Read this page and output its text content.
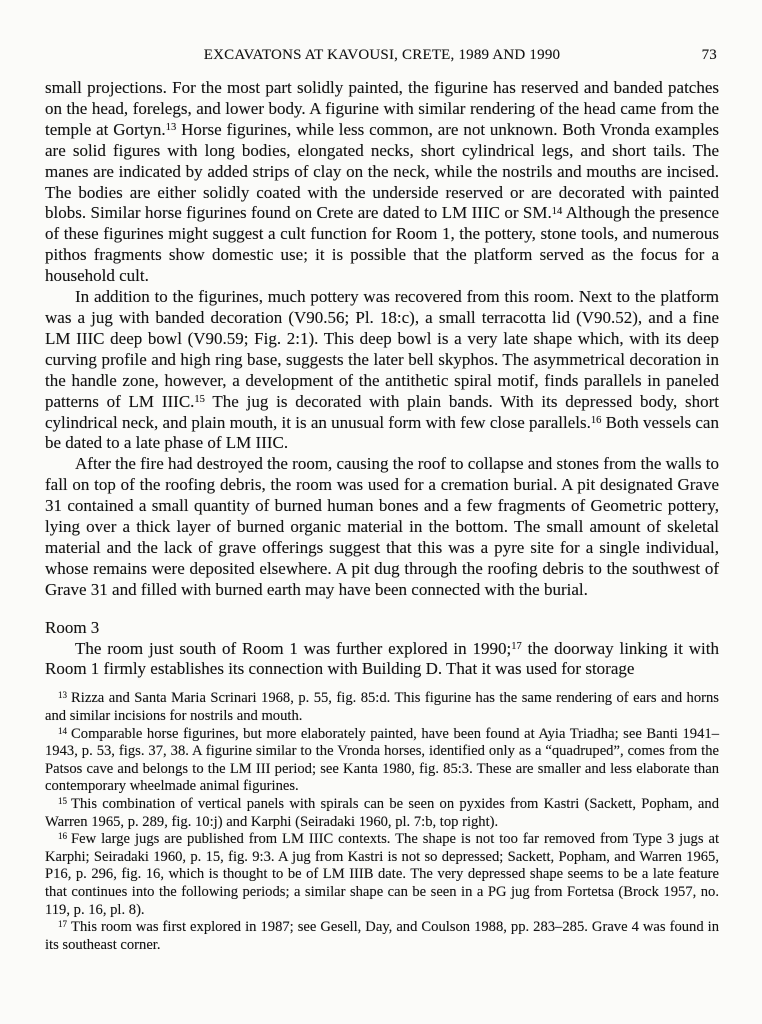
EXCAVATONS AT KAVOUSI, CRETE, 1989 AND 1990	73

small projections. For the most part solidly painted, the figurine has reserved and banded patches on the head, forelegs, and lower body. A figurine with similar rendering of the head came from the temple at Gortyn.$^{13}$ Horse figurines, while less common, are not unknown. Both Vronda examples are solid figures with long bodies, elongated necks, short cylindrical legs, and short tails. The manes are indicated by added strips of clay on the neck, while the nostrils and mouths are incised. The bodies are either solidly coated with the underside reserved or are decorated with painted blobs. Similar horse figurines found on Crete are dated to LM IIIC or SM.$^{14}$ Although the presence of these figurines might suggest a cult function for Room 1, the pottery, stone tools, and numerous pithos fragments show domestic use; it is possible that the platform served as the focus for a household cult.

In addition to the figurines, much pottery was recovered from this room. Next to the platform was a jug with banded decoration (V90.56; Pl. 18:c), a small terracotta lid (V90.52), and a fine LM IIIC deep bowl (V90.59; Fig. 2:1). This deep bowl is a very late shape which, with its deep curving profile and high ring base, suggests the later bell skyphos. The asymmetrical decoration in the handle zone, however, a development of the antithetic spiral motif, finds parallels in paneled patterns of LM IIIC.$^{15}$ The jug is decorated with plain bands. With its depressed body, short cylindrical neck, and plain mouth, it is an unusual form with few close parallels.$^{16}$ Both vessels can be dated to a late phase of LM IIIC.

After the fire had destroyed the room, causing the roof to collapse and stones from the walls to fall on top of the roofing debris, the room was used for a cremation burial. A pit designated Grave 31 contained a small quantity of burned human bones and a few fragments of Geometric pottery, lying over a thick layer of burned organic material in the bottom. The small amount of skeletal material and the lack of grave offerings suggest that this was a pyre site for a single individual, whose remains were deposited elsewhere. A pit dug through the roofing debris to the southwest of Grave 31 and filled with burned earth may have been connected with the burial.

Room 3

The room just south of Room 1 was further explored in 1990;$^{17}$ the doorway linking it with Room 1 firmly establishes its connection with Building D. That it was used for storage

$^{13}$ Rizza and Santa Maria Scrinari 1968, p. 55, fig. 85:d. This figurine has the same rendering of ears and horns and similar incisions for nostrils and mouth.

$^{14}$ Comparable horse figurines, but more elaborately painted, have been found at Ayia Triadha; see Banti 1941–1943, p. 53, figs. 37, 38. A figurine similar to the Vronda horses, identified only as a “quadruped”, comes from the Patsos cave and belongs to the LM III period; see Kanta 1980, fig. 85:3. These are smaller and less elaborate than contemporary wheelmade animal figurines.

$^{15}$ This combination of vertical panels with spirals can be seen on pyxides from Kastri (Sackett, Popham, and Warren 1965, p. 289, fig. 10:j) and Karphi (Seiradaki 1960, pl. 7:b, top right).

$^{16}$ Few large jugs are published from LM IIIC contexts. The shape is not too far removed from Type 3 jugs at Karphi; Seiradaki 1960, p. 15, fig. 9:3. A jug from Kastri is not so depressed; Sackett, Popham, and Warren 1965, P16, p. 296, fig. 16, which is thought to be of LM IIIB date. The very depressed shape seems to be a late feature that continues into the following periods; a similar shape can be seen in a PG jug from Fortetsa (Brock 1957, no. 119, p. 16, pl. 8).

$^{17}$ This room was first explored in 1987; see Gesell, Day, and Coulson 1988, pp. 283–285. Grave 4 was found in its southeast corner.
